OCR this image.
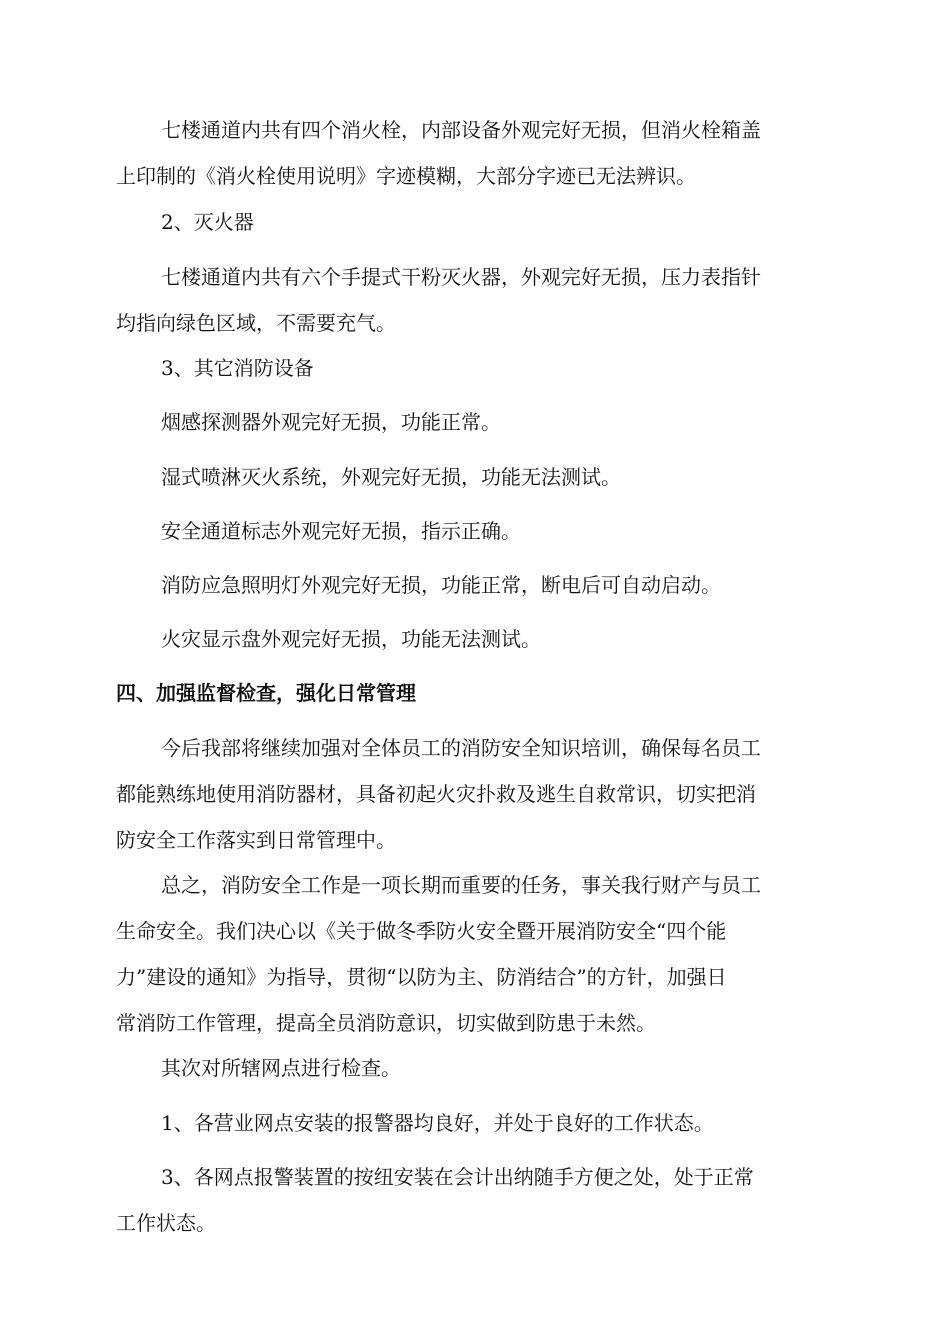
七楼通道内共有四个消火栓，内部设备外观完好无损，但消火栓箱盖
上印制的《消火栓使用说明》字迹模糊，大部分字迹已无法辨识。
2、灭火器
七楼通道内共有六个手提式干粉灭火器，外观完好无损，压力表指针
均指向绿色区域，不需要充气。
3、其它消防设备
烟感探测器外观完好无损，功能正常。
湿式喷淋灭火系统，外观完好无损，功能无法测试。
安全通道标志外观完好无损，指示正确。
消防应急照明灯外观完好无损，功能正常，断电后可自动启动。
火灾显示盘外观完好无损，功能无法测试。
四、加强监督检查，强化日常管理
今后我部将继续加强对全体员工的消防安全知识培训，确保每名员工
都能熟练地使用消防器材，具备初起火灾扑救及逃生自救常识，切实把消
防安全工作落实到日常管理中。
总之，消防安全工作是一项长期而重要的任务，事关我行财产与员工
生命安全。我们决心以《关于做冬季防火安全暨开展消防安全“四个能
力”建设的通知》为指导，贯彻“以防为主、防消结合”的方针，加强日
常消防工作管理，提高全员消防意识，切实做到防患于未然。
其次对所辖网点进行检查。
1、各营业网点安装的报警器均良好，并处于良好的工作状态。
3、各网点报警装置的按纽安装在会计出纳随手方便之处，处于正常
工作状态。
